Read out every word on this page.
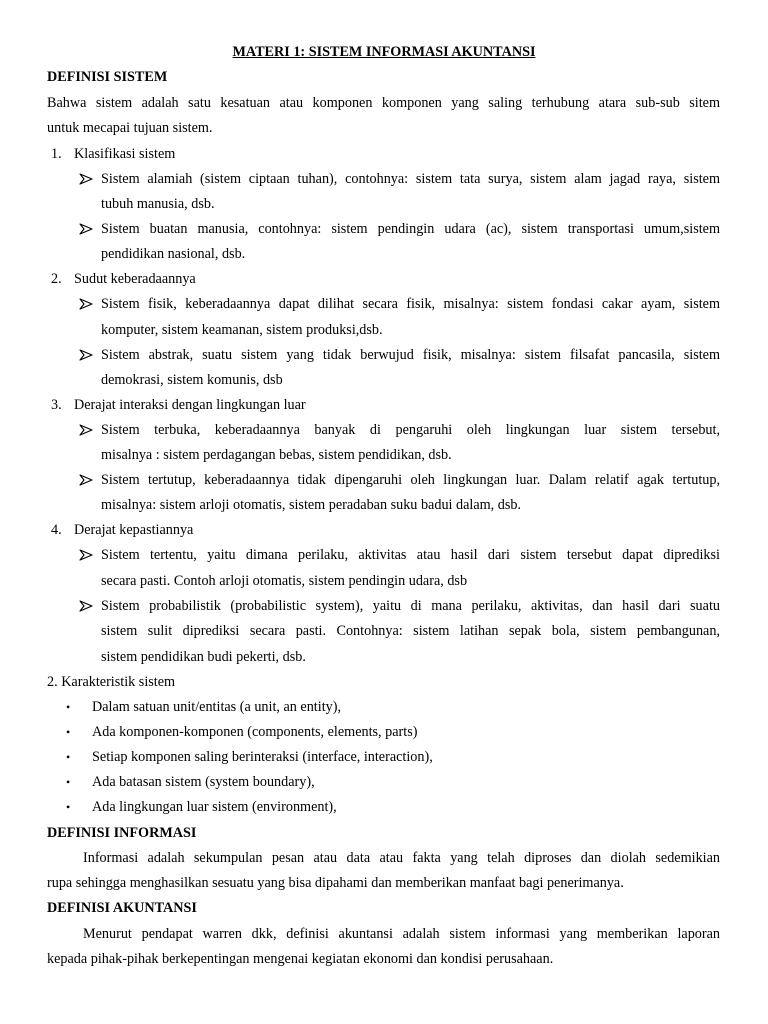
MATERI 1: SISTEM INFORMASI AKUNTANSI
DEFINISI SISTEM
Bahwa sistem adalah satu kesatuan atau komponen komponen yang saling terhubung atara sub-sub sitem
untuk mecapai tujuan sistem.
1. Klasifikasi sistem
Sistem alamiah (sistem ciptaan tuhan), contohnya: sistem tata surya, sistem alam jagad raya, sistem
tubuh manusia, dsb.
Sistem buatan manusia, contohnya: sistem pendingin udara (ac), sistem transportasi umum,sistem
pendidikan nasional, dsb.
2. Sudut keberadaannya
Sistem fisik, keberadaannya dapat dilihat secara fisik, misalnya: sistem fondasi cakar ayam, sistem
komputer, sistem keamanan, sistem produksi,dsb.
Sistem abstrak, suatu sistem yang tidak berwujud fisik, misalnya: sistem filsafat pancasila, sistem
demokrasi, sistem komunis, dsb
3. Derajat interaksi dengan lingkungan luar
Sistem terbuka, keberadaannya banyak di pengaruhi oleh lingkungan luar sistem tersebut,
misalnya : sistem perdagangan bebas, sistem pendidikan, dsb.
Sistem tertutup, keberadaannya tidak dipengaruhi oleh lingkungan luar. Dalam relatif agak tertutup,
misalnya: sistem arloji otomatis, sistem peradaban suku badui dalam, dsb.
4. Derajat kepastiannya
Sistem tertentu, yaitu dimana perilaku, aktivitas atau hasil dari sistem tersebut dapat diprediksi
secara pasti. Contoh arloji otomatis, sistem pendingin udara, dsb
Sistem probabilistik (probabilistic system), yaitu di mana perilaku, aktivitas, dan hasil dari suatu
sistem sulit diprediksi secara pasti. Contohnya: sistem latihan sepak bola, sistem pembangunan,
sistem pendidikan budi pekerti, dsb.
2. Karakteristik sistem
• Dalam satuan unit/entitas (a unit, an entity),
• Ada komponen-komponen (components, elements, parts)
• Setiap komponen saling berinteraksi (interface, interaction),
• Ada batasan sistem (system boundary),
• Ada lingkungan luar sistem (environment),
DEFINISI INFORMASI
Informasi adalah sekumpulan pesan atau data atau fakta yang telah diproses dan diolah sedemikian
rupa sehingga menghasilkan sesuatu yang bisa dipahami dan memberikan manfaat bagi penerimanya.
DEFINISI AKUNTANSI
Menurut pendapat warren dkk, definisi akuntansi adalah sistem informasi yang memberikan laporan
kepada pihak-pihak berkepentingan mengenai kegiatan ekonomi dan kondisi perusahaan.
